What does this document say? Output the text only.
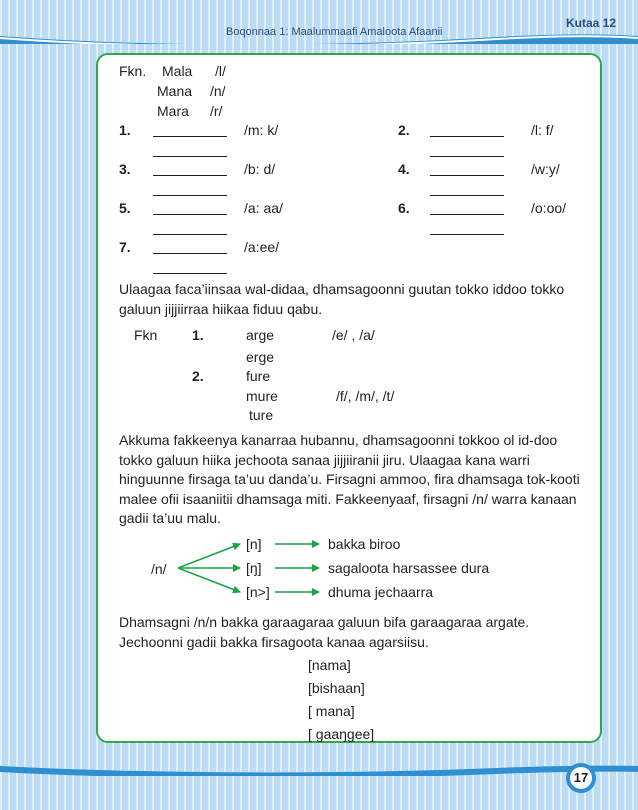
Boqonnaa 1: Maalummaafi Amaloota Afaanii
Kutaa 12
Fkn. Mala /l/
Mana /n/
Mara /r/
1.	/m: k/
3.	/b: d/
5.	/a: aa/
7.	/a:ee/
2.	/l: f/
4.	/w:y/
6.	/o:oo/
Ulaagaa faca’iinsaa wal-didaa, dhamsagoonni guutan tokko iddoo tokko galuun jijjiirraa hiikaa fiduu qabu.
Fkn 1.	arge	/e/ , /a/
erge
2.	fure
mure	/f/, /m/, /t/
ture
Akkuma fakkeenya kanarraa hubannu, dhamsagoonni tokkoo ol id-doo tokko galuun hiika jechoota sanaa jijjiiranii jiru. Ulaagaa kana warri hinguunne firsaga ta’uu danda’u. Firsagni ammoo, fira dhamsaga tok-kooti malee ofii isaaniitii dhamsaga miti. Fakkeenyaaf, firsagni /n/ warra kanaan gadii ta’uu malu.
/n/
[n]
[ŋ]
[n>]
bakka biroo
sagaloota harsassee dura
dhuma jechaarra
Dhamsagni /n/n bakka garaagaraa galuun bifa garaagaraa argate. Jechoonni gadii bakka firsagoota kanaa agarsiisu.
[nama]
[bishaan]
[ mana]
[ gaaŋgee]
17
